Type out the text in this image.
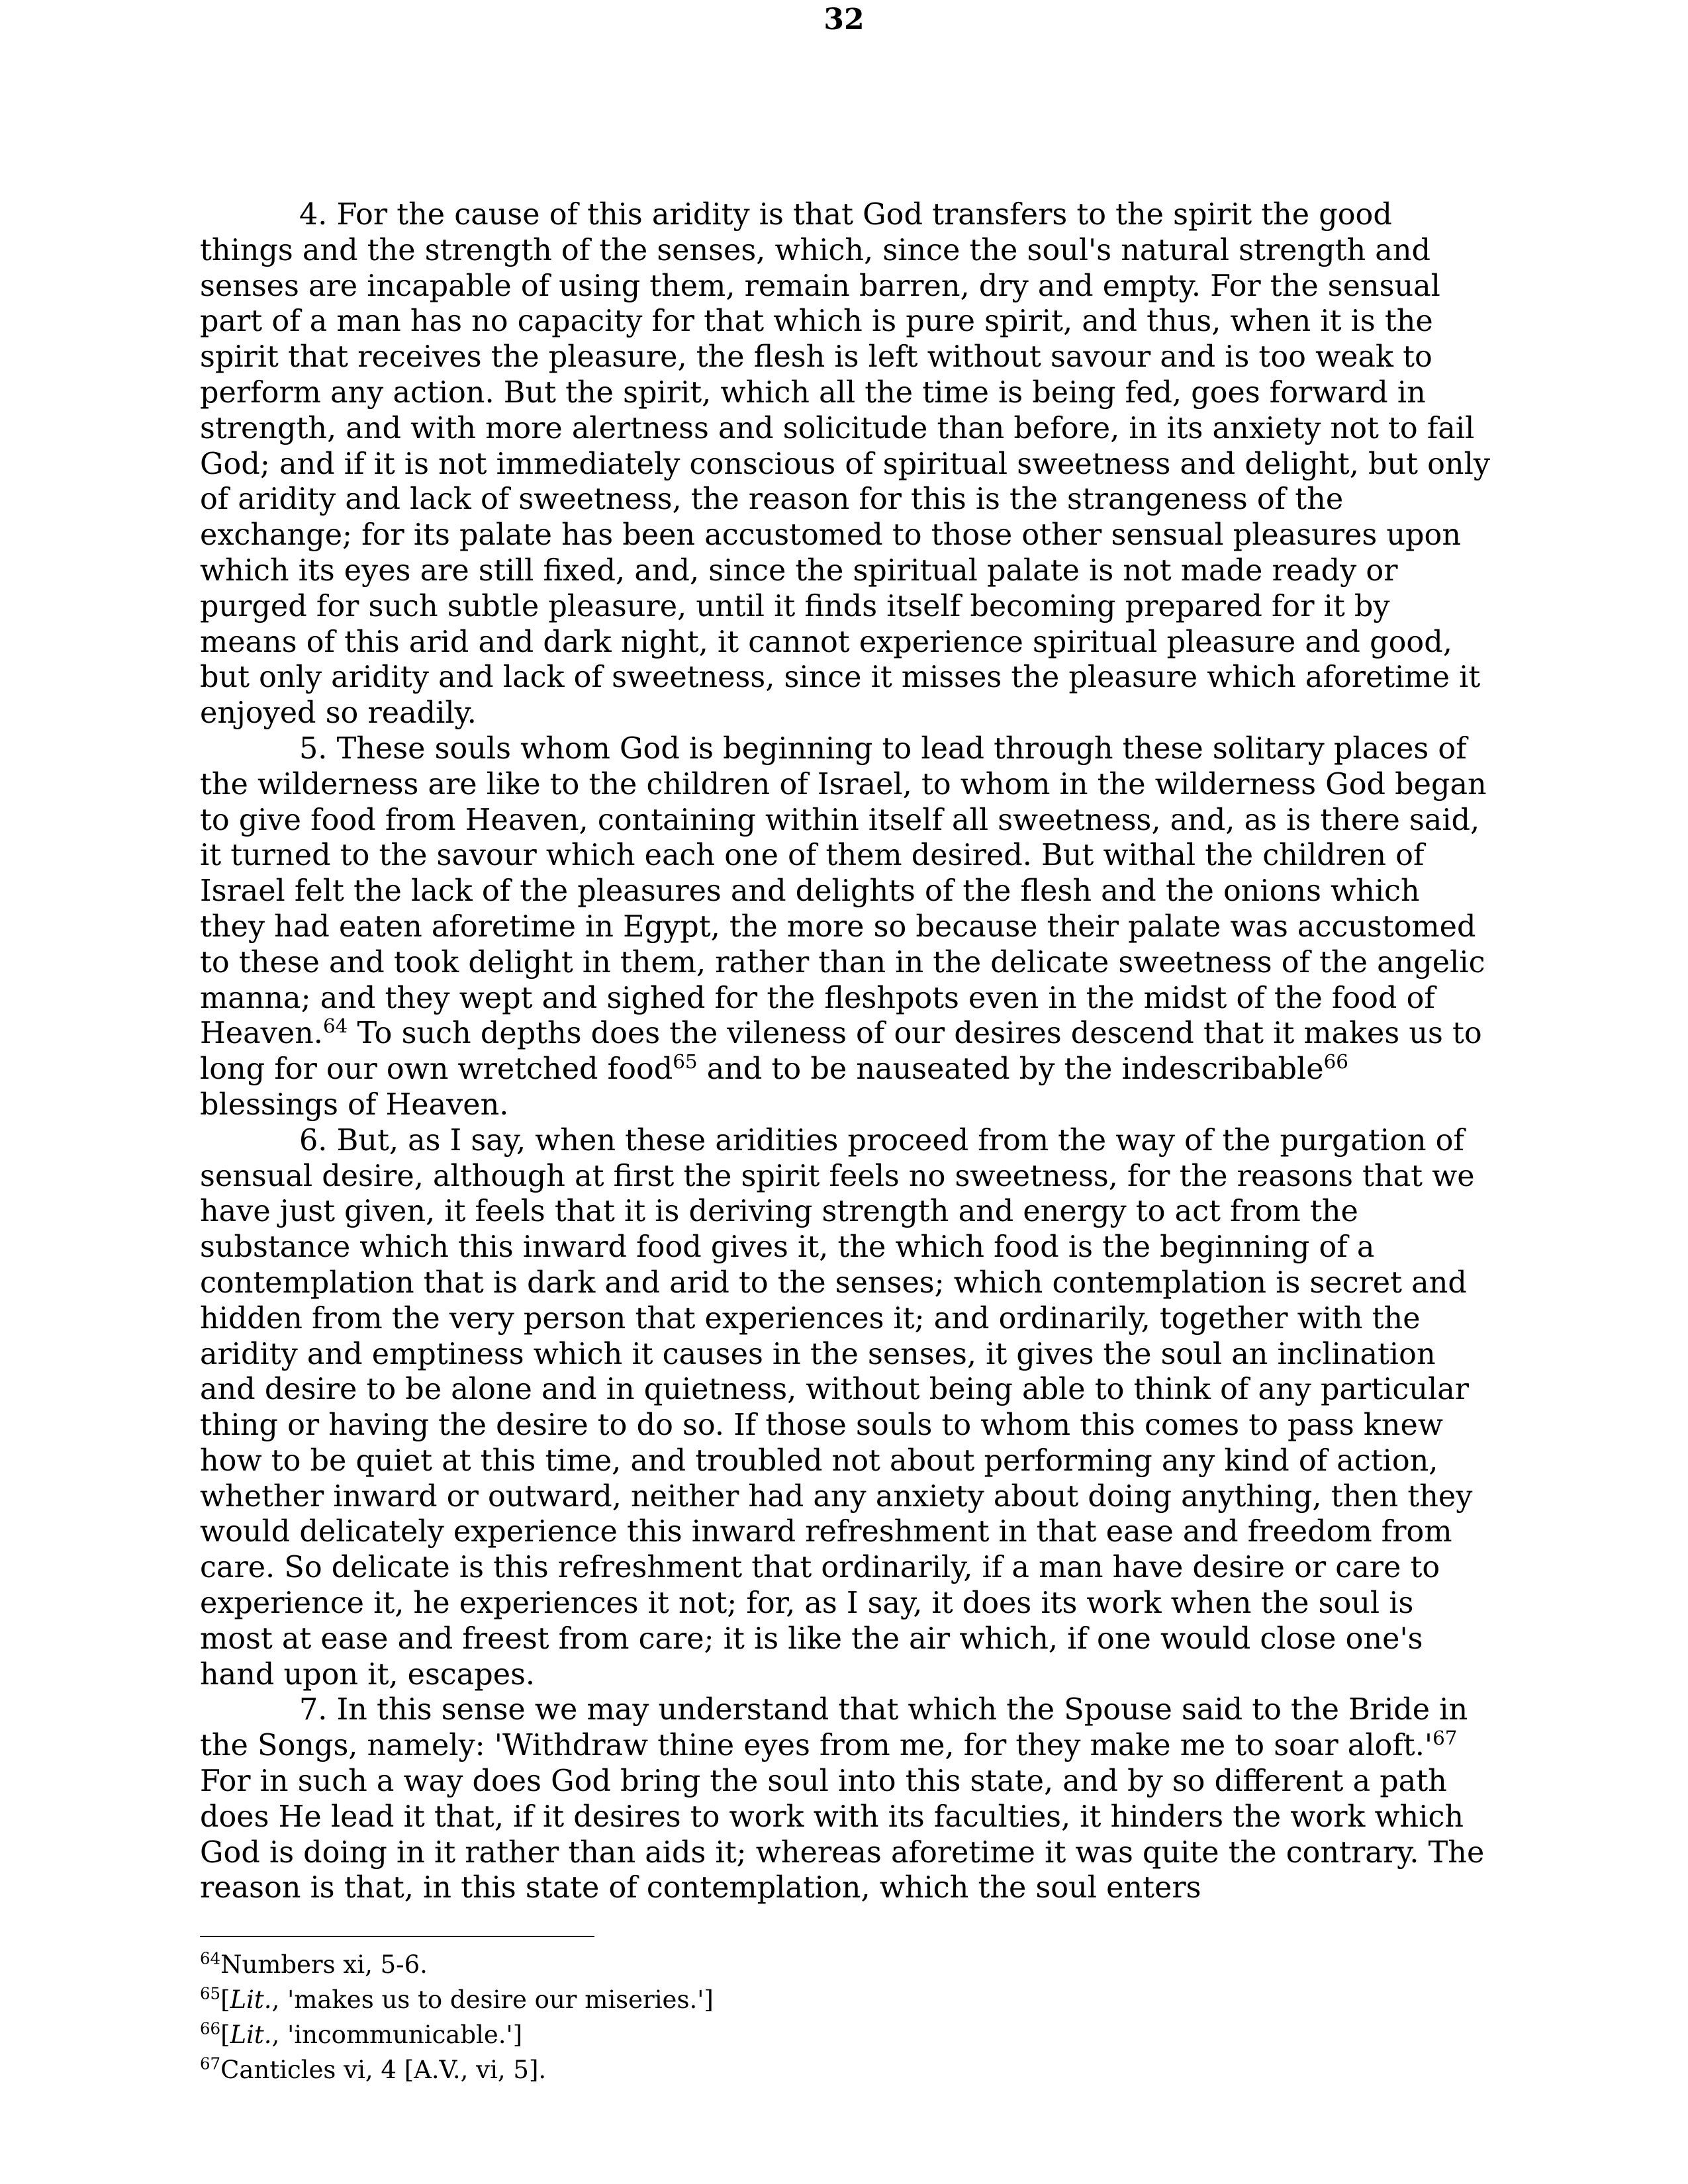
32

4. For the cause of this aridity is that God transfers to the spirit the good things and the strength of the senses, which, since the soul's natural strength and senses are incapable of using them, remain barren, dry and empty. For the sensual part of a man has no capacity for that which is pure spirit, and thus, when it is the spirit that receives the pleasure, the flesh is left without savour and is too weak to perform any action. But the spirit, which all the time is being fed, goes forward in strength, and with more alertness and solicitude than before, in its anxiety not to fail God; and if it is not immediately conscious of spiritual sweetness and delight, but only of aridity and lack of sweetness, the reason for this is the strangeness of the exchange; for its palate has been accustomed to those other sensual pleasures upon which its eyes are still fixed, and, since the spiritual palate is not made ready or purged for such subtle pleasure, until it finds itself becoming prepared for it by means of this arid and dark night, it cannot experience spiritual pleasure and good, but only aridity and lack of sweetness, since it misses the pleasure which aforetime it enjoyed so readily.

5. These souls whom God is beginning to lead through these solitary places of the wilderness are like to the children of Israel, to whom in the wilderness God began to give food from Heaven, containing within itself all sweetness, and, as is there said, it turned to the savour which each one of them desired. But withal the children of Israel felt the lack of the pleasures and delights of the flesh and the onions which they had eaten aforetime in Egypt, the more so because their palate was accustomed to these and took delight in them, rather than in the delicate sweetness of the angelic manna; and they wept and sighed for the fleshpots even in the midst of the food of Heaven.$^{64}$ To such depths does the vileness of our desires descend that it makes us to long for our own wretched food$^{65}$ and to be nauseated by the indescribable$^{66}$ blessings of Heaven.

6. But, as I say, when these aridities proceed from the way of the purgation of sensual desire, although at first the spirit feels no sweetness, for the reasons that we have just given, it feels that it is deriving strength and energy to act from the substance which this inward food gives it, the which food is the beginning of a contemplation that is dark and arid to the senses; which contemplation is secret and hidden from the very person that experiences it; and ordinarily, together with the aridity and emptiness which it causes in the senses, it gives the soul an inclination and desire to be alone and in quietness, without being able to think of any particular thing or having the desire to do so. If those souls to whom this comes to pass knew how to be quiet at this time, and troubled not about performing any kind of action, whether inward or outward, neither had any anxiety about doing anything, then they would delicately experience this inward refreshment in that ease and freedom from care. So delicate is this refreshment that ordinarily, if a man have desire or care to experience it, he experiences it not; for, as I say, it does its work when the soul is most at ease and freest from care; it is like the air which, if one would close one's hand upon it, escapes.

7. In this sense we may understand that which the Spouse said to the Bride in the Songs, namely: 'Withdraw thine eyes from me, for they make me to soar $aloft.'^{67}$ For in such a way does God bring the soul into this state, and by so different a path does He lead it that, if it desires to work with its faculties, it hinders the work which God is doing in it rather than aids it; whereas aforetime it was quite the contrary. The reason is that, in this state of contemplation, which the soul enters

$^{64}$Numbers xi, 5-6.
$^{65}$[Lit., 'makes us to desire our miseries.']
$^{66}$[Lit., 'incommunicable.']
$^{67}$Canticles vi, 4 [A.V., vi, 5].
